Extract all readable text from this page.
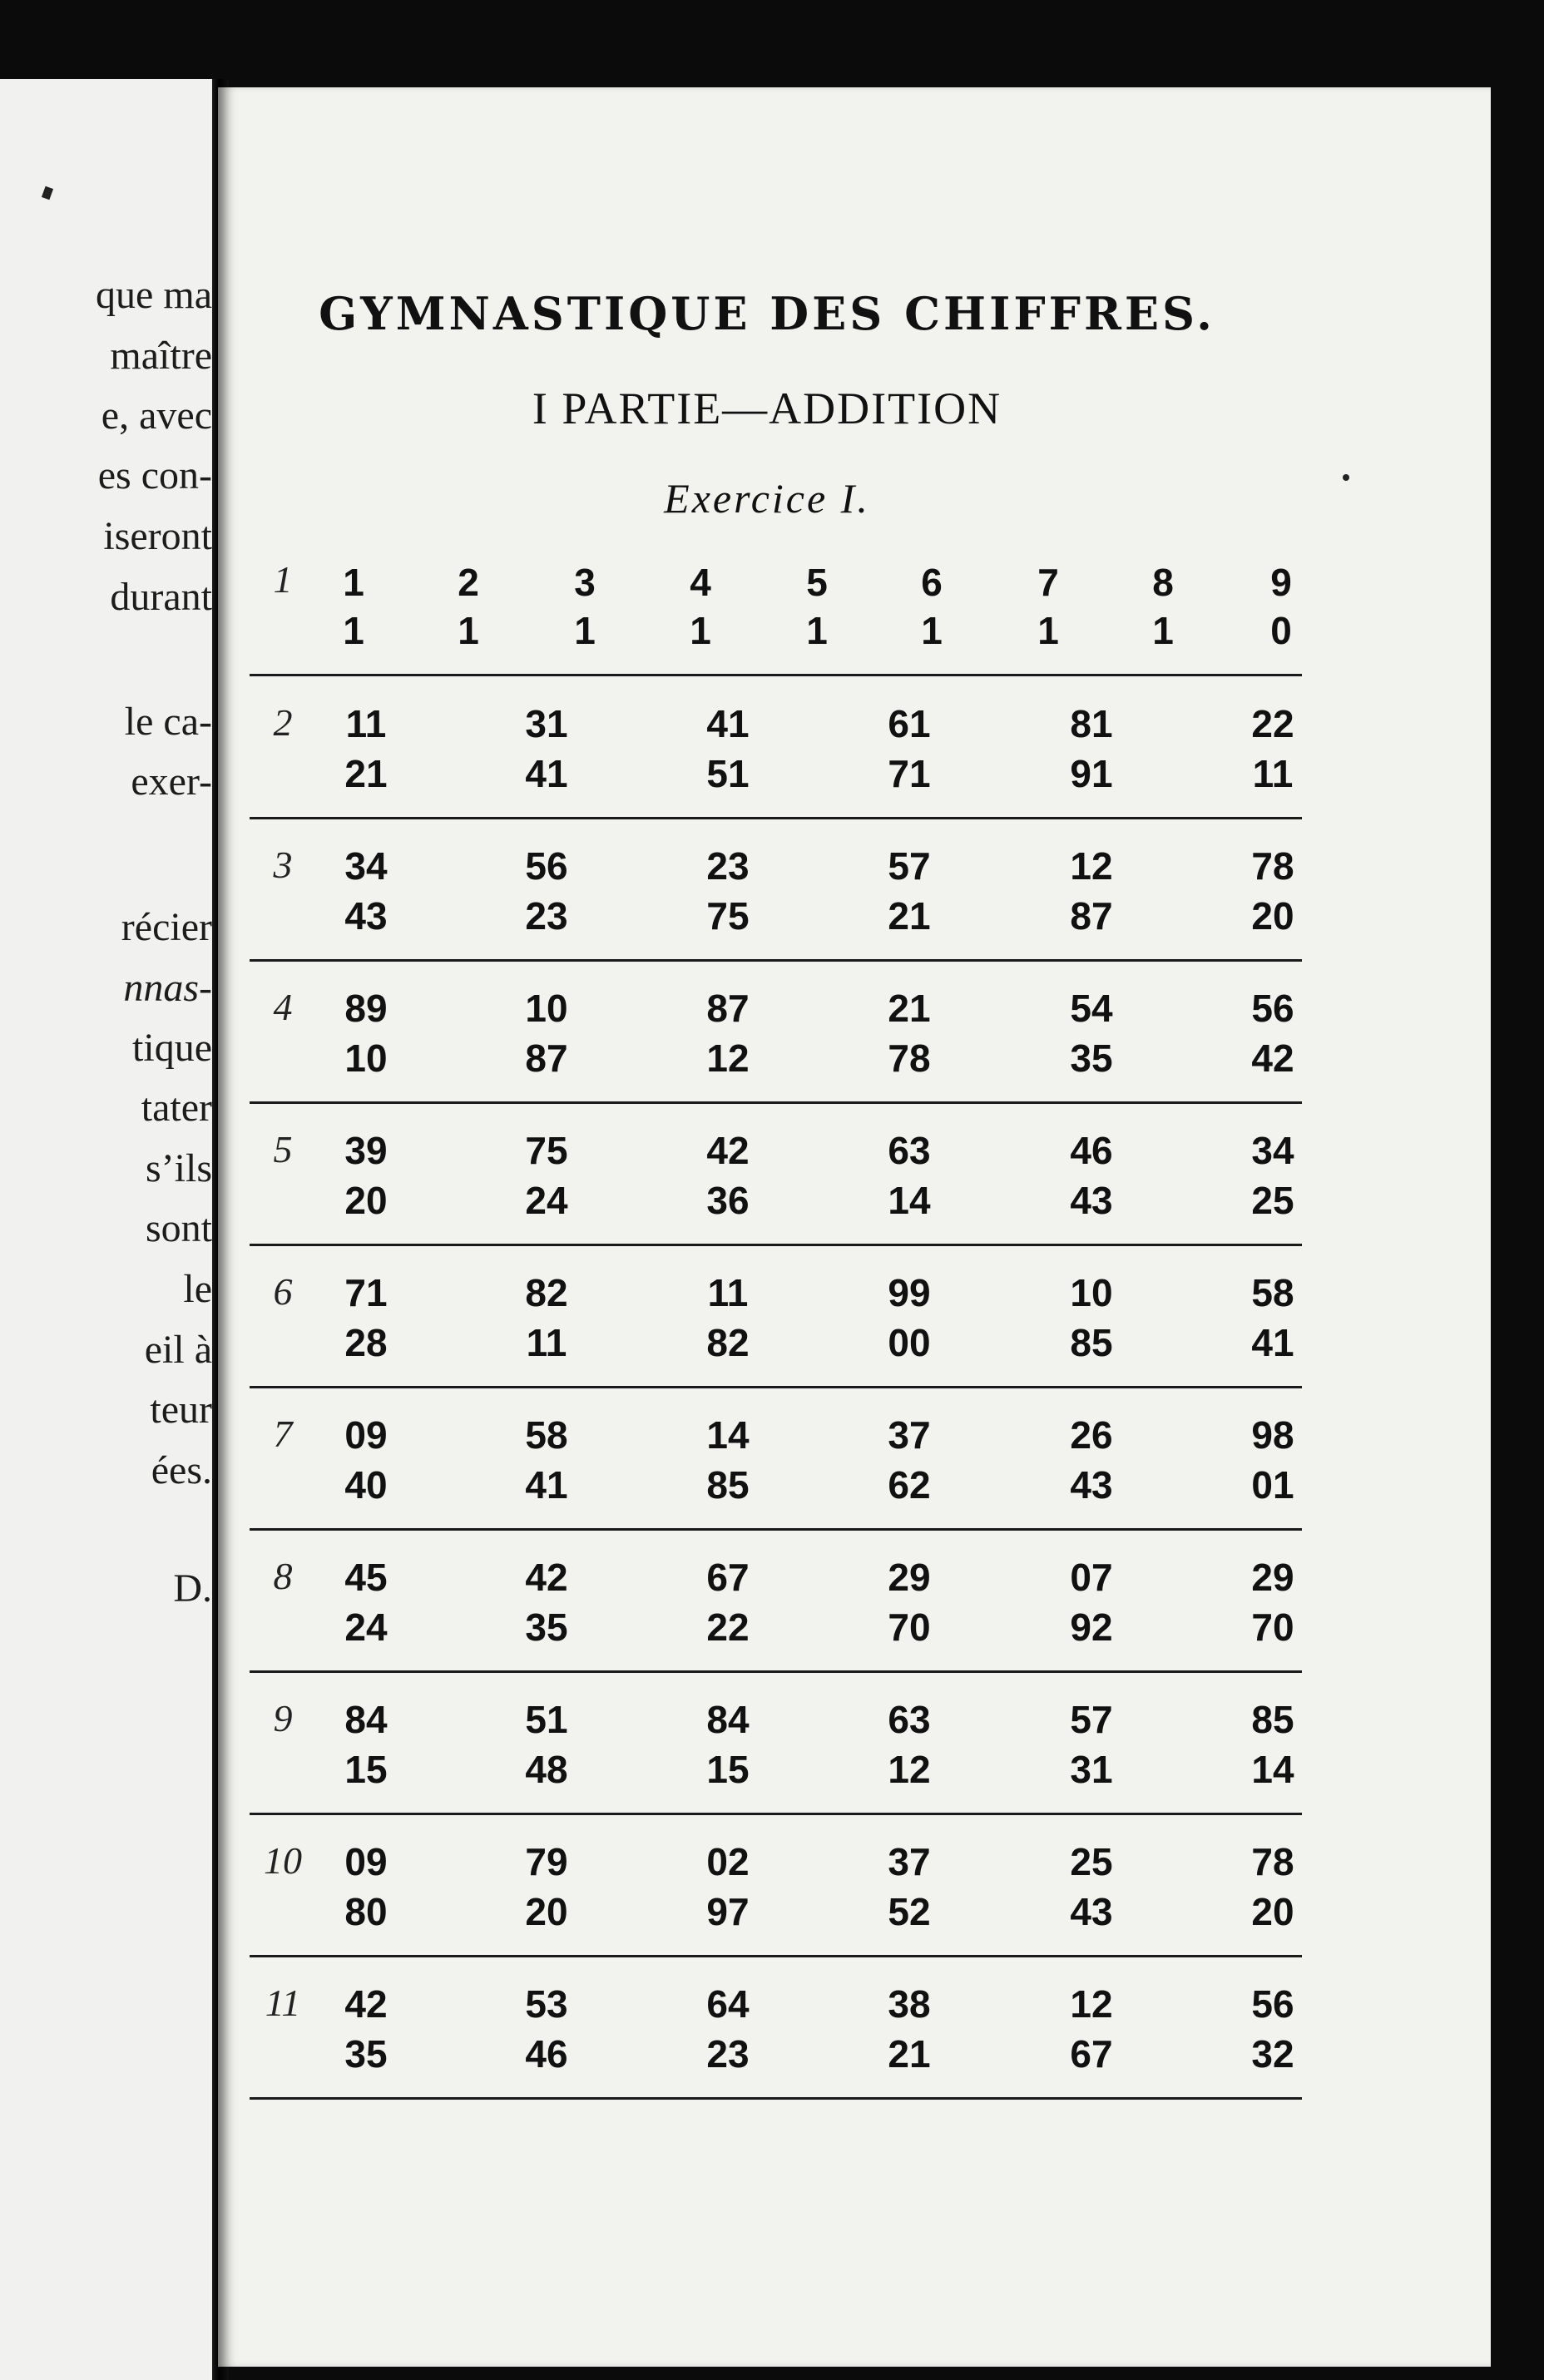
que ma
maître
e, avec
es con-
iseront
durant
le ca-
exer-
récier
nnas-
tique
tater
s’ils
sont
le
eil à
teur
ées.
D.
GYMNASTIQUE DES CHIFFRES.
I PARTIE—ADDITION
Exercice I.
1	1	2	3	4	5	6	7	8	9
1	1	1	1	1	1	1	1	0
2	11	31	41	61	81	22
21	41	51	71	91	11
3	34	56	23	57	12	78
43	23	75	21	87	20
4	89	10	87	21	54	56
10	87	12	78	35	42
5	39	75	42	63	46	34
20	24	36	14	43	25
6	71	82	11	99	10	58
28	11	82	00	85	41
7	09	58	14	37	26	98
40	41	85	62	43	01
8	45	42	67	29	07	29
24	35	22	70	92	70
9	84	51	84	63	57	85
15	48	15	12	31	14
10	09	79	02	37	25	78
80	20	97	52	43	20
11	42	53	64	38	12	56
35	46	23	21	67	32
